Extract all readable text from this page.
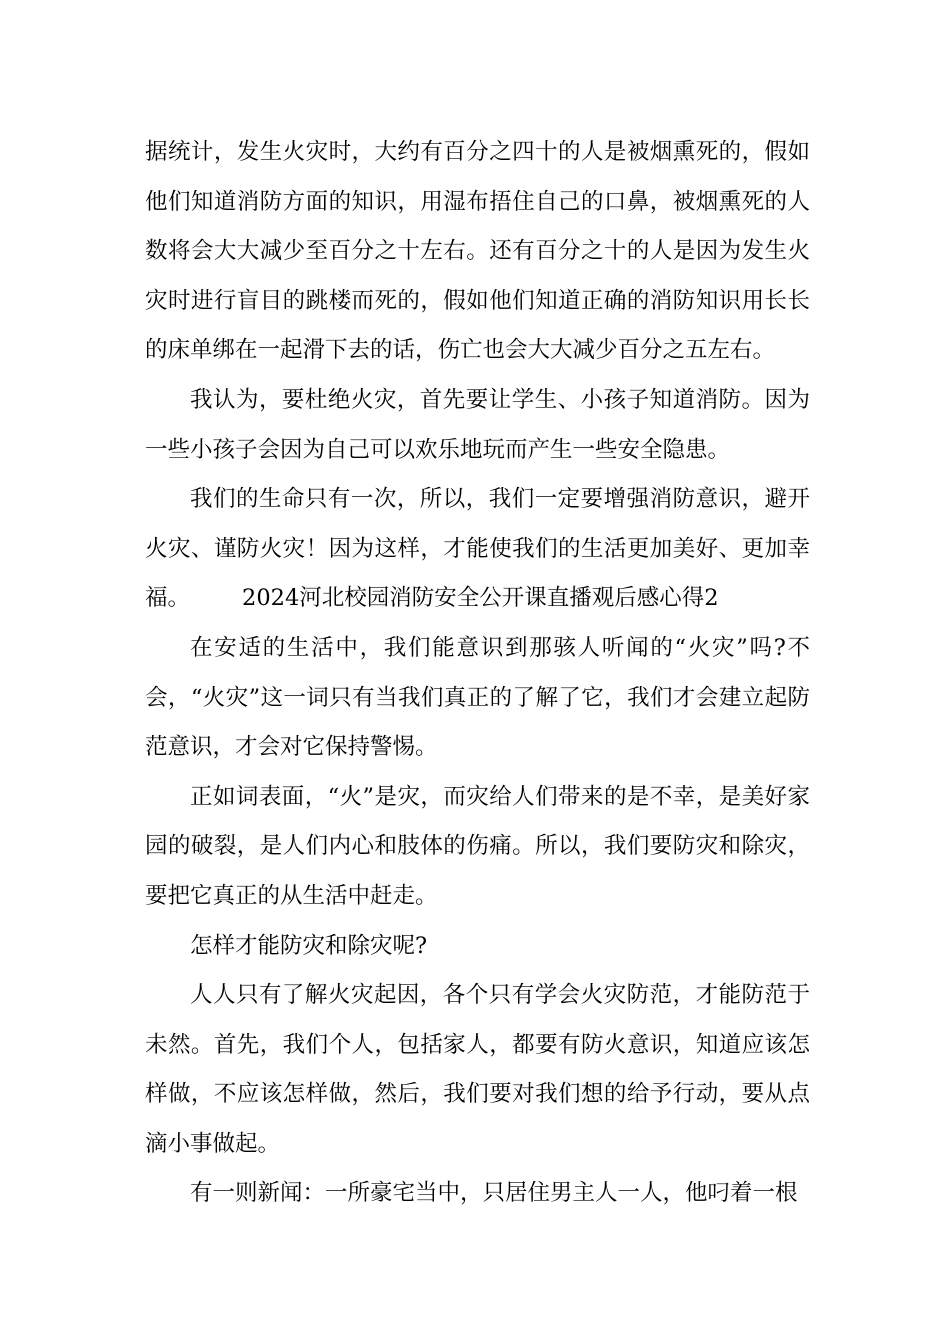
据统计，发生火灾时，大约有百分之四十的人是被烟熏死的，假如他们知道消防方面的知识，用湿布捂住自己的口鼻，被烟熏死的人数将会大大减少至百分之十左右。还有百分之十的人是因为发生火灾时进行盲目的跳楼而死的，假如他们知道正确的消防知识用长长的床单绑在一起滑下去的话，伤亡也会大大减少百分之五左右。

我认为，要杜绝火灾，首先要让学生、小孩子知道消防。因为一些小孩子会因为自己可以欢乐地玩而产生一些安全隐患。

我们的生命只有一次，所以，我们一定要增强消防意识，避开火灾、谨防火灾！因为这样，才能使我们的生活更加美好、更加幸福。 2024河北校园消防安全公开课直播观后感心得2

在安适的生活中，我们能意识到那骇人听闻的“火灾”吗?不会，“火灾”这一词只有当我们真正的了解了它，我们才会建立起防范意识，才会对它保持警惕。

正如词表面，“火”是灾，而灾给人们带来的是不幸，是美好家园的破裂，是人们内心和肢体的伤痛。所以，我们要防灾和除灾，要把它真正的从生活中赶走。

怎样才能防灾和除灾呢?

人人只有了解火灾起因，各个只有学会火灾防范，才能防范于未然。首先，我们个人，包括家人，都要有防火意识，知道应该怎样做，不应该怎样做，然后，我们要对我们想的给予行动，要从点滴小事做起。

有一则新闻：一所豪宅当中，只居住男主人一人，他叼着一根
